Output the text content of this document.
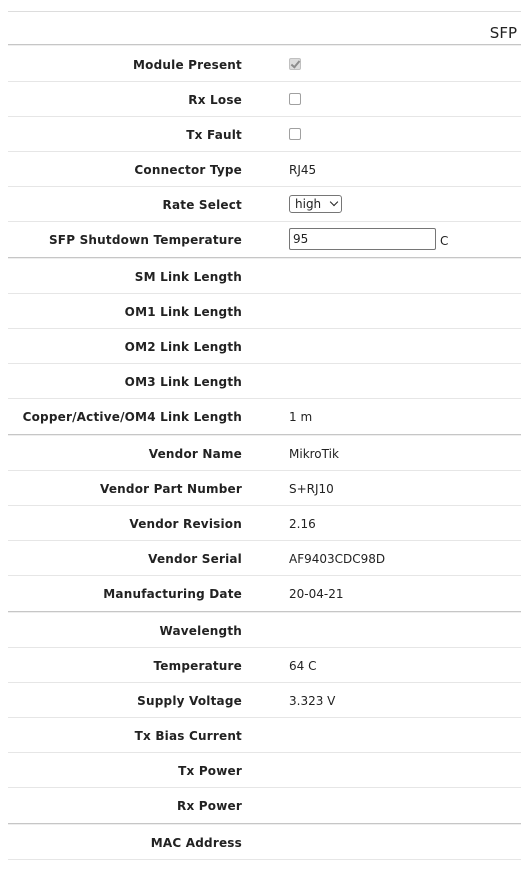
SFP
Module Present
Rx Lose
Tx Fault
Connector Type	RJ45
Rate Select	high
SFP Shutdown Temperature	95	C
SM Link Length
OM1 Link Length
OM2 Link Length
OM3 Link Length
Copper/Active/OM4 Link Length	1 m
Vendor Name	MikroTik
Vendor Part Number	S+RJ10
Vendor Revision	2.16
Vendor Serial	AF9403CDC98D
Manufacturing Date	20-04-21
Wavelength
Temperature	64 C
Supply Voltage	3.323 V
Tx Bias Current
Tx Power
Rx Power
MAC Address
